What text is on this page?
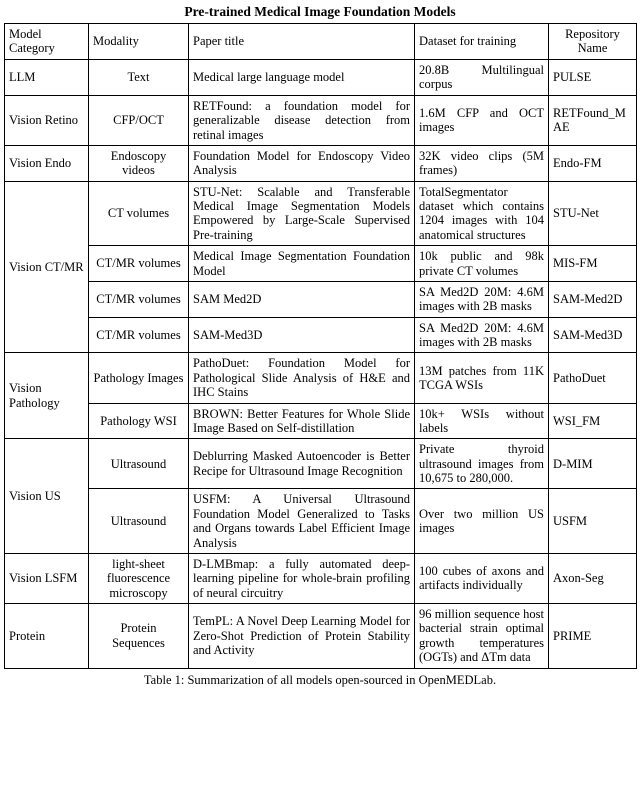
Pre-trained Medical Image Foundation Models
Model Category	Modality	Paper title	Dataset for training	Repository Name
LLM	Text	Medical large language model	20.8B Multilingual corpus	PULSE
Vision Retino	CFP/OCT	RETFound: a foundation model for generalizable disease detection from retinal images	1.6M CFP and OCT images	RETFound_MAE
Vision Endo	Endoscopy videos	Foundation Model for Endoscopy Video Analysis	32K video clips (5M frames)	Endo-FM
Vision CT/MR	CT volumes	STU-Net: Scalable and Transferable Medical Image Segmentation Models Empowered by Large-Scale Supervised Pre-training	TotalSegmentator dataset which contains 1204 images with 104 anatomical structures	STU-Net
	CT/MR volumes	Medical Image Segmentation Foundation Model	10k public and 98k private CT volumes	MIS-FM
	CT/MR volumes	SAM Med2D	SA Med2D 20M: 4.6M images with 2B masks	SAM-Med2D
	CT/MR volumes	SAM-Med3D	SA Med2D 20M: 4.6M images with 2B masks	SAM-Med3D
Vision Pathology	Pathology Images	PathoDuet: Foundation Model for Pathological Slide Analysis of H&E and IHC Stains	13M patches from 11K TCGA WSIs	PathoDuet
	Pathology WSI	BROWN: Better Features for Whole Slide Image Based on Self-distillation	10k+ WSIs without labels	WSI_FM
Vision US	Ultrasound	Deblurring Masked Autoencoder is Better Recipe for Ultrasound Image Recognition	Private thyroid ultrasound images from 10,675 to 280,000.	D-MIM
	Ultrasound	USFM: A Universal Ultrasound Foundation Model Generalized to Tasks and Organs towards Label Efficient Image Analysis	Over two million US images	USFM
Vision LSFM	light-sheet fluorescence microscopy	D-LMBmap: a fully automated deep-learning pipeline for whole-brain profiling of neural circuitry	100 cubes of axons and artifacts individually	Axon-Seg
Protein	Protein Sequences	TemPL: A Novel Deep Learning Model for Zero-Shot Prediction of Protein Stability and Activity	96 million sequence host bacterial strain optimal growth temperatures (OGTs) and ΔTm data	PRIME
Table 1: Summarization of all models open-sourced in OpenMEDLab.
